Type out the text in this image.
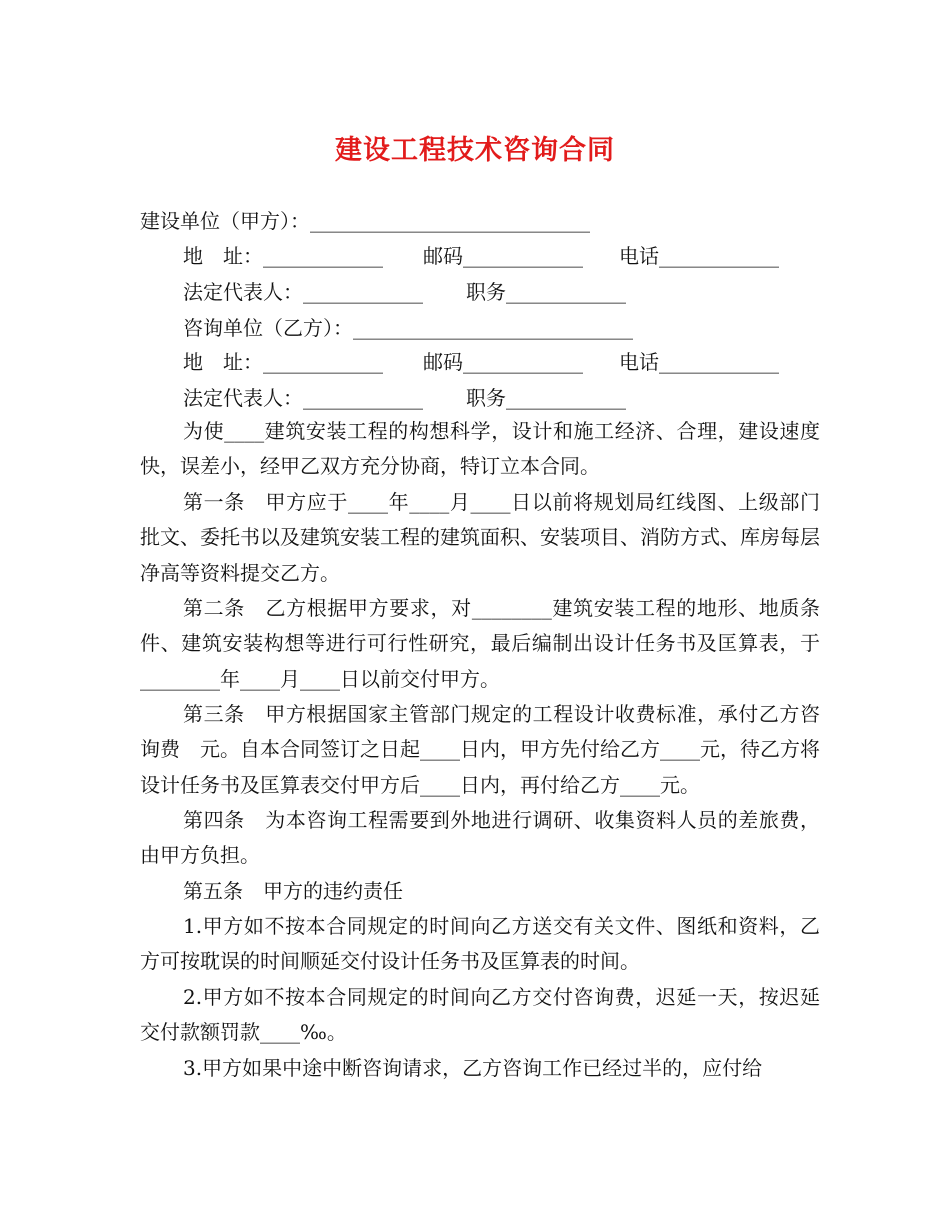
建设工程技术咨询合同
建设单位（甲方）：____________________________
地　址：____________ 邮码____________ 电话____________
法定代表人：____________ 职务____________
咨询单位（乙方）：____________________________
地　址：____________ 邮码____________ 电话____________
法定代表人：____________ 职务____________
为使____建筑安装工程的构想科学，设计和施工经济、合理，建设速度快，误差小，经甲乙双方充分协商，特订立本合同。
第一条　甲方应于____年____月____日以前将规划局红线图、上级部门批文、委托书以及建筑安装工程的建筑面积、安装项目、消防方式、库房每层净高等资料提交乙方。
第二条　乙方根据甲方要求，对________建筑安装工程的地形、地质条件、建筑安装构想等进行可行性研究，最后编制出设计任务书及匡算表，于________年____月____日以前交付甲方。
第三条　甲方根据国家主管部门规定的工程设计收费标准，承付乙方咨询费　元。自本合同签订之日起____日内，甲方先付给乙方____元，待乙方将设计任务书及匡算表交付甲方后____日内，再付给乙方____元。
第四条　为本咨询工程需要到外地进行调研、收集资料人员的差旅费，由甲方负担。
第五条　甲方的违约责任
1.甲方如不按本合同规定的时间向乙方送交有关文件、图纸和资料，乙方可按耽误的时间顺延交付设计任务书及匡算表的时间。
2.甲方如不按本合同规定的时间向乙方交付咨询费，迟延一天，按迟延交付款额罚款____‰。
3.甲方如果中途中断咨询请求，乙方咨询工作已经过半的，应付给
